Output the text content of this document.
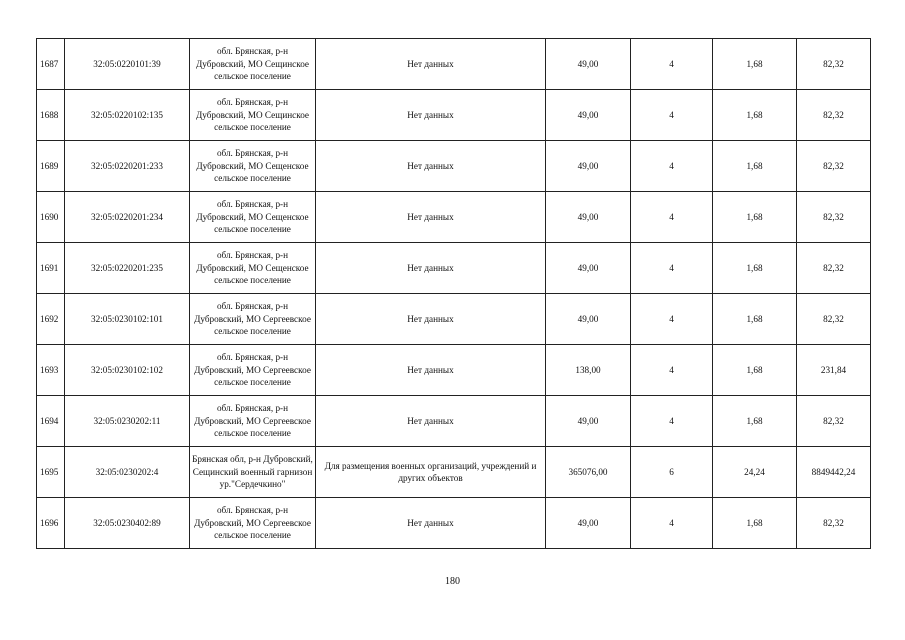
1687	32:05:0220101:39	обл. Брянская, р-н Дубровский, МО Сещинское сельское поселение	Нет данных	49,00	4	1,68	82,32
1688	32:05:0220102:135	обл. Брянская, р-н Дубровский, МО Сещинское сельское поселение	Нет данных	49,00	4	1,68	82,32
1689	32:05:0220201:233	обл. Брянская, р-н Дубровский, МО Сещенское сельское поселение	Нет данных	49,00	4	1,68	82,32
1690	32:05:0220201:234	обл. Брянская, р-н Дубровский, МО Сещенское сельское поселение	Нет данных	49,00	4	1,68	82,32
1691	32:05:0220201:235	обл. Брянская, р-н Дубровский, МО Сещенское сельское поселение	Нет данных	49,00	4	1,68	82,32
1692	32:05:0230102:101	обл. Брянская, р-н Дубровский, МО Сергеевское сельское поселение	Нет данных	49,00	4	1,68	82,32
1693	32:05:0230102:102	обл. Брянская, р-н Дубровский, МО Сергеевское сельское поселение	Нет данных	138,00	4	1,68	231,84
1694	32:05:0230202:11	обл. Брянская, р-н Дубровский, МО Сергеевское сельское поселение	Нет данных	49,00	4	1,68	82,32
1695	32:05:0230202:4	Брянская обл, р-н Дубровский, Сещинский военный гарнизон ур."Сердечкино"	Для размещения военных организаций, учреждений и других объектов	365076,00	6	24,24	8849442,24
1696	32:05:0230402:89	обл. Брянская, р-н Дубровский, МО Сергеевское сельское поселение	Нет данных	49,00	4	1,68	82,32
180
